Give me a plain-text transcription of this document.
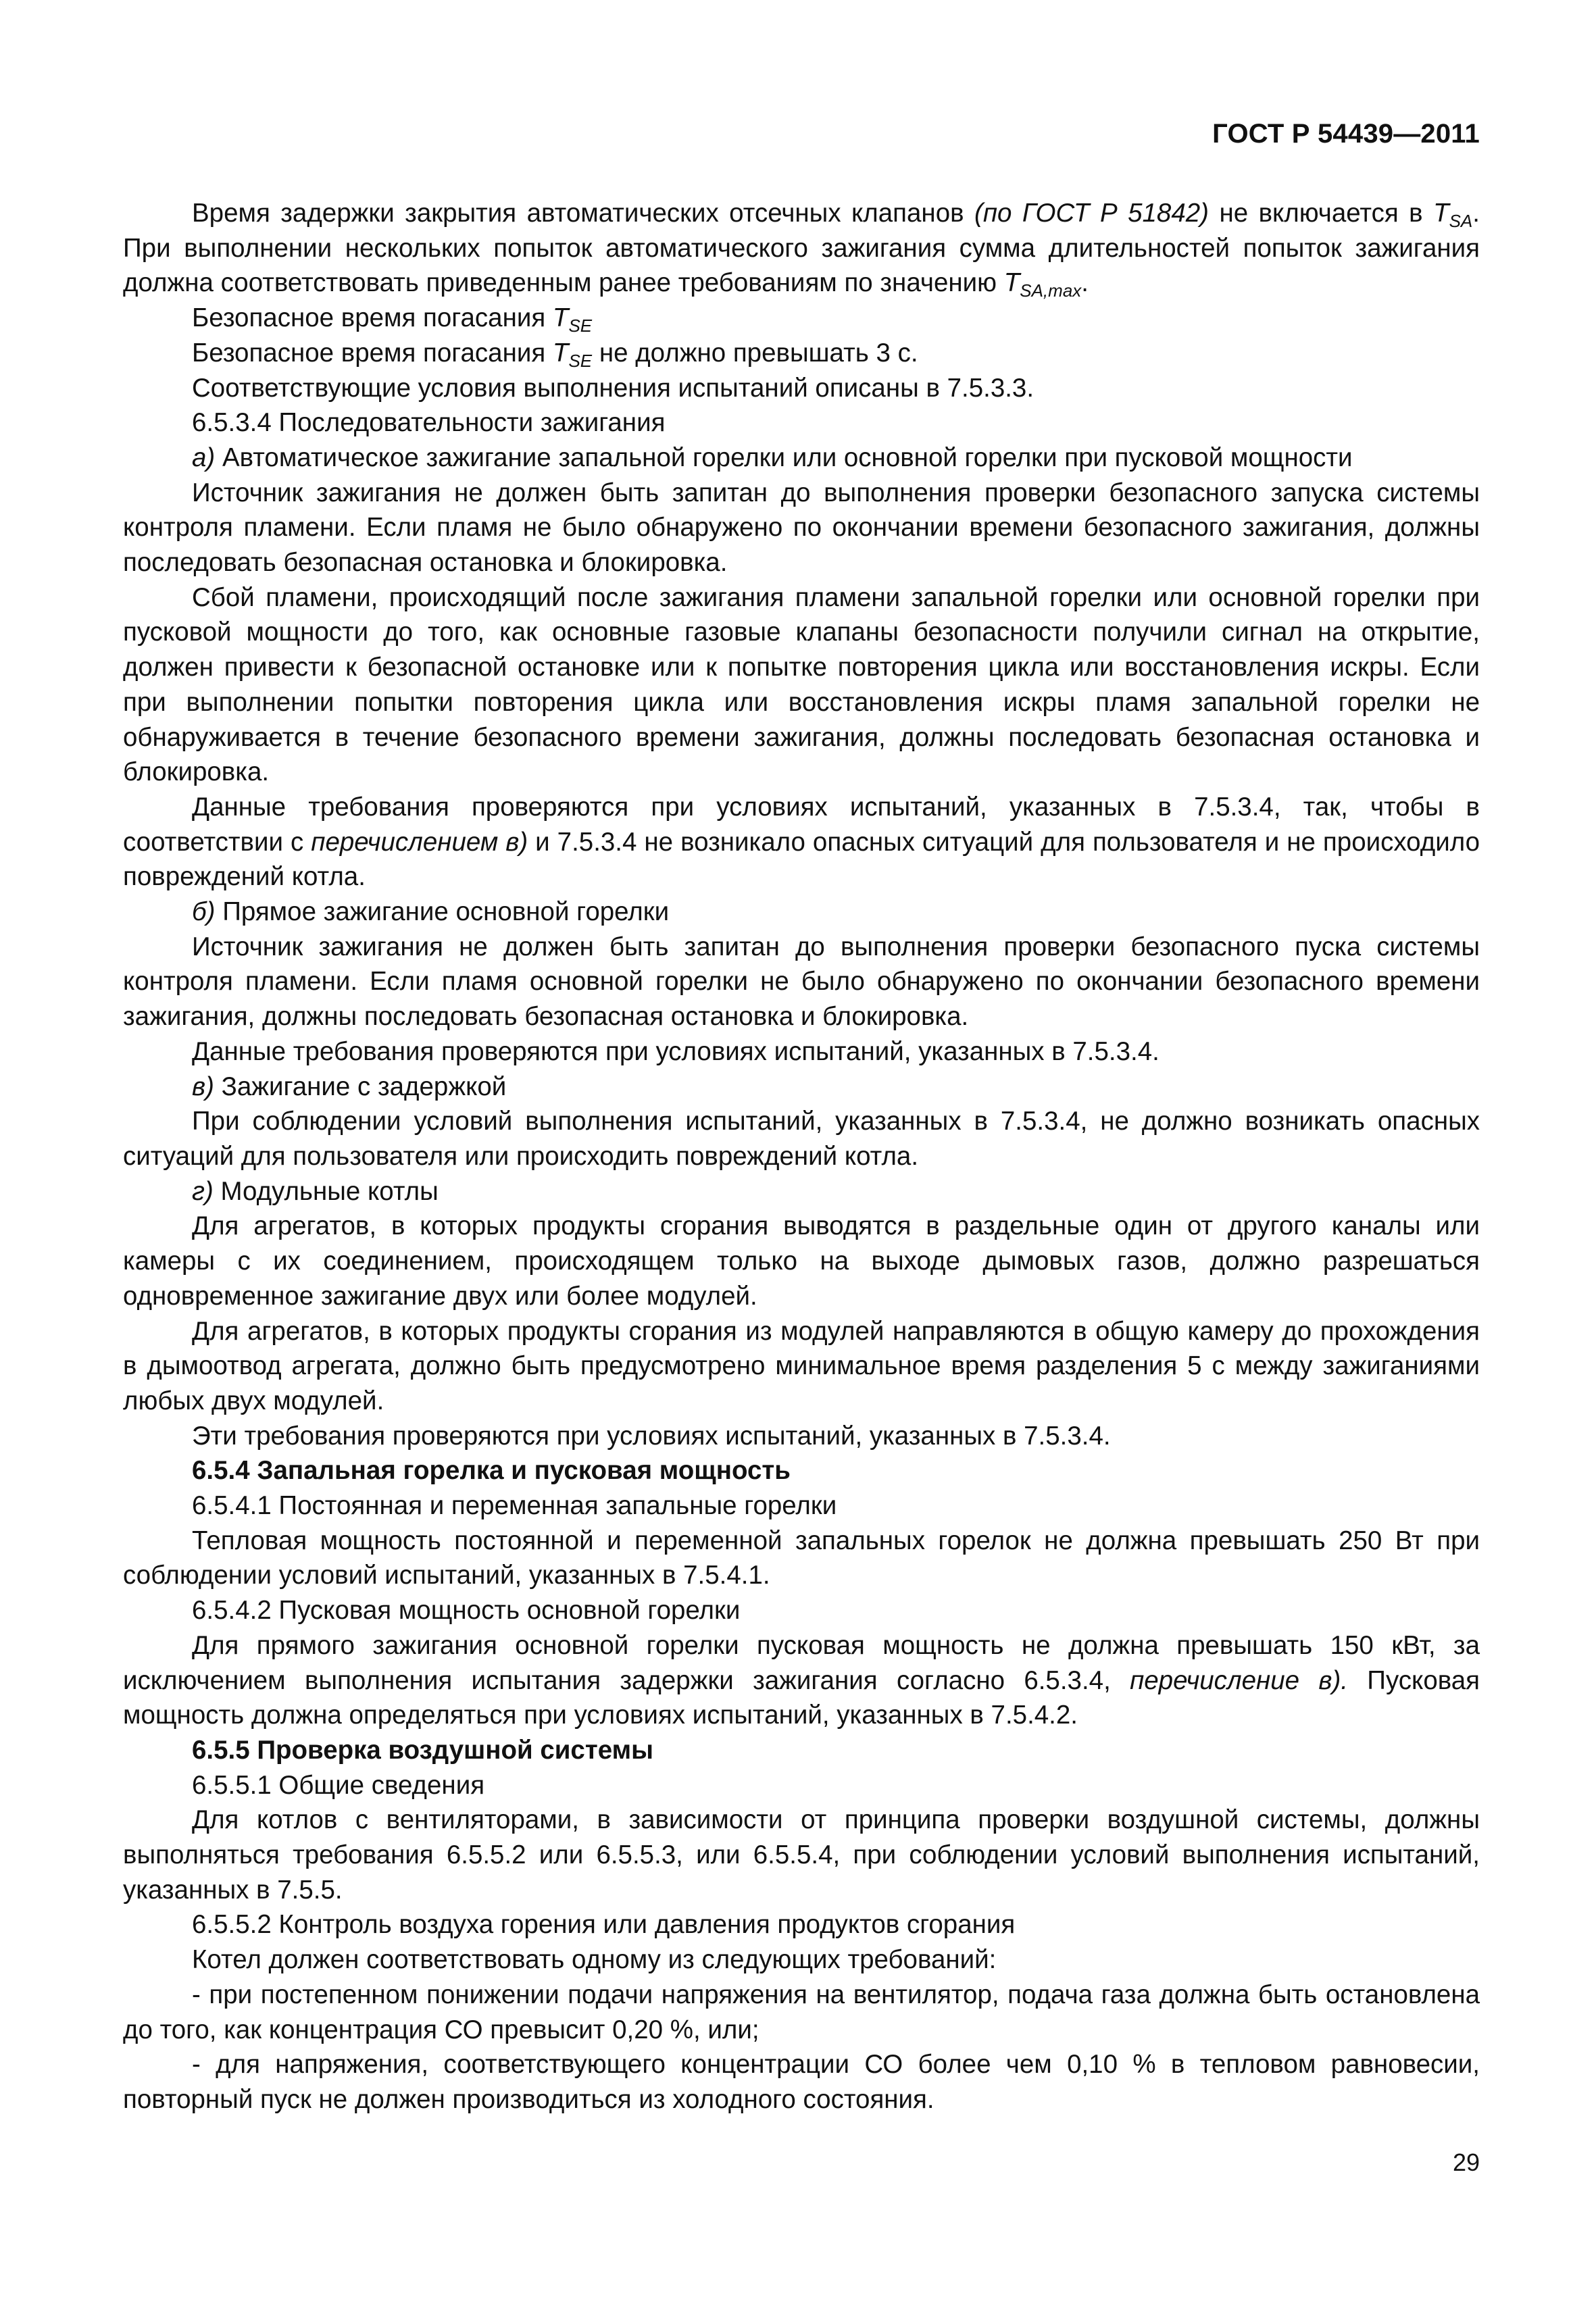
ГОСТ Р 54439—2011

Время задержки закрытия автоматических отсечных клапанов (по ГОСТ Р 51842) не включается в $T_{SA}$. При выполнении нескольких попыток автоматического зажигания сумма длительностей попыток зажигания должна соответствовать приведенным ранее требованиям по значению $T_{SA,max}$.

Безопасное время погасания $T_{SE}$

Безопасное время погасания $T_{SE}$ не должно превышать 3 с.

Соответствующие условия выполнения испытаний описаны в 7.5.3.3.

6.5.3.4 Последовательности зажигания

а) Автоматическое зажигание запальной горелки или основной горелки при пусковой мощности

Источник зажигания не должен быть запитан до выполнения проверки безопасного запуска системы контроля пламени. Если пламя не было обнаружено по окончании времени безопасного зажигания, должны последовать безопасная остановка и блокировка.

Сбой пламени, происходящий после зажигания пламени запальной горелки или основной горелки при пусковой мощности до того, как основные газовые клапаны безопасности получили сигнал на открытие, должен привести к безопасной остановке или к попытке повторения цикла или восстановления искры. Если при выполнении попытки повторения цикла или восстановления искры пламя запальной горелки не обнаруживается в течение безопасного времени зажигания, должны последовать безопасная остановка и блокировка.

Данные требования проверяются при условиях испытаний, указанных в 7.5.3.4, так, чтобы в соответствии с перечислением в) и 7.5.3.4 не возникало опасных ситуаций для пользователя и не происходило повреждений котла.

б) Прямое зажигание основной горелки

Источник зажигания не должен быть запитан до выполнения проверки безопасного пуска системы контроля пламени. Если пламя основной горелки не было обнаружено по окончании безопасного времени зажигания, должны последовать безопасная остановка и блокировка.

Данные требования проверяются при условиях испытаний, указанных в 7.5.3.4.

в) Зажигание с задержкой

При соблюдении условий выполнения испытаний, указанных в 7.5.3.4, не должно возникать опасных ситуаций для пользователя или происходить повреждений котла.

г) Модульные котлы

Для агрегатов, в которых продукты сгорания выводятся в раздельные один от другого каналы или камеры с их соединением, происходящем только на выходе дымовых газов, должно разрешаться одновременное зажигание двух или более модулей.

Для агрегатов, в которых продукты сгорания из модулей направляются в общую камеру до прохождения в дымоотвод агрегата, должно быть предусмотрено минимальное время разделения 5 с между зажиганиями любых двух модулей.

Эти требования проверяются при условиях испытаний, указанных в 7.5.3.4.

6.5.4 Запальная горелка и пусковая мощность

6.5.4.1 Постоянная и переменная запальные горелки

Тепловая мощность постоянной и переменной запальных горелок не должна превышать 250 Вт при соблюдении условий испытаний, указанных в 7.5.4.1.

6.5.4.2 Пусковая мощность основной горелки

Для прямого зажигания основной горелки пусковая мощность не должна превышать 150 кВт, за исключением выполнения испытания задержки зажигания согласно 6.5.3.4, перечисление в). Пусковая мощность должна определяться при условиях испытаний, указанных в 7.5.4.2.

6.5.5 Проверка воздушной системы

6.5.5.1 Общие сведения

Для котлов с вентиляторами, в зависимости от принципа проверки воздушной системы, должны выполняться требования 6.5.5.2 или 6.5.5.3, или 6.5.5.4, при соблюдении условий выполнения испытаний, указанных в 7.5.5.

6.5.5.2 Контроль воздуха горения или давления продуктов сгорания

Котел должен соответствовать одному из следующих требований:

- при постепенном понижении подачи напряжения на вентилятор, подача газа должна быть остановлена до того, как концентрация СО превысит 0,20 %, или;

- для напряжения, соответствующего концентрации СО более чем 0,10 % в тепловом равновесии, повторный пуск не должен производиться из холодного состояния.

29
